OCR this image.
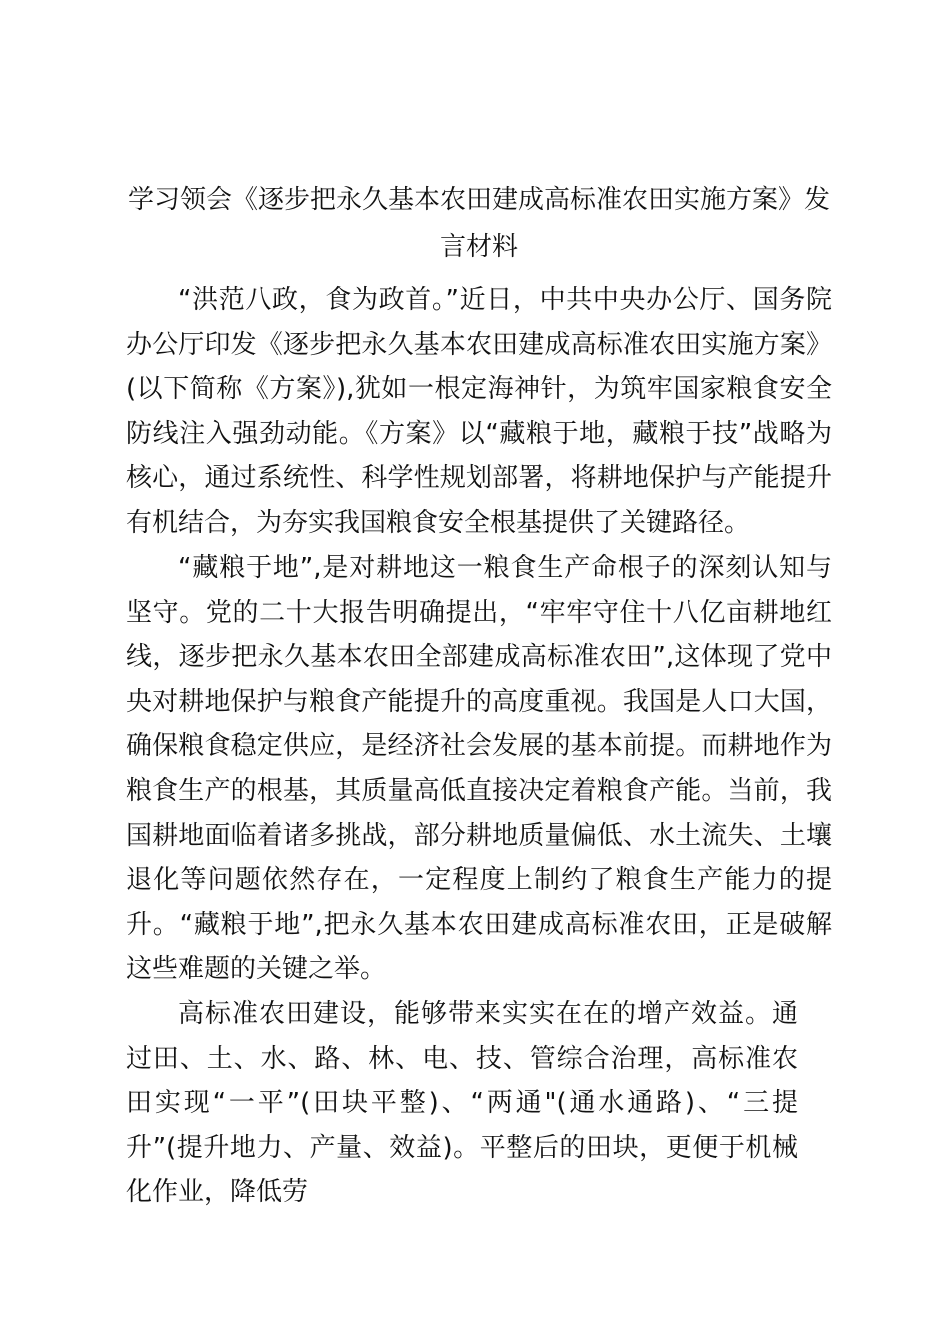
学习领会《逐步把永久基本农田建成高标准农田实施方案》发言材料

“洪范八政，食为政首。”近日，中共中央办公厅、国务院办公厅印发《逐步把永久基本农田建成高标准农田实施方案》(以下简称《方案》),犹如一根定海神针，为筑牢国家粮食安全防线注入强劲动能。《方案》以“藏粮于地，藏粮于技”战略为核心，通过系统性、科学性规划部署，将耕地保护与产能提升有机结合，为夯实我国粮食安全根基提供了关键路径。

“藏粮于地”,是对耕地这一粮食生产命根子的深刻认知与坚守。党的二十大报告明确提出，“牢牢守住十八亿亩耕地红线，逐步把永久基本农田全部建成高标准农田”,这体现了党中央对耕地保护与粮食产能提升的高度重视。我国是人口大国，确保粮食稳定供应，是经济社会发展的基本前提。而耕地作为粮食生产的根基，其质量高低直接决定着粮食产能。当前，我国耕地面临着诸多挑战，部分耕地质量偏低、水土流失、土壤退化等问题依然存在，一定程度上制约了粮食生产能力的提升。“藏粮于地”,把永久基本农田建成高标准农田，正是破解这些难题的关键之举。

高标准农田建设，能够带来实实在在的增产效益。通过田、土、水、路、林、电、技、管综合治理，高标准农田实现“一平”(田块平整)、“两通"(通水通路)、“三提升”(提升地力、产量、效益)。平整后的田块，更便于机械化作业，降低劳
